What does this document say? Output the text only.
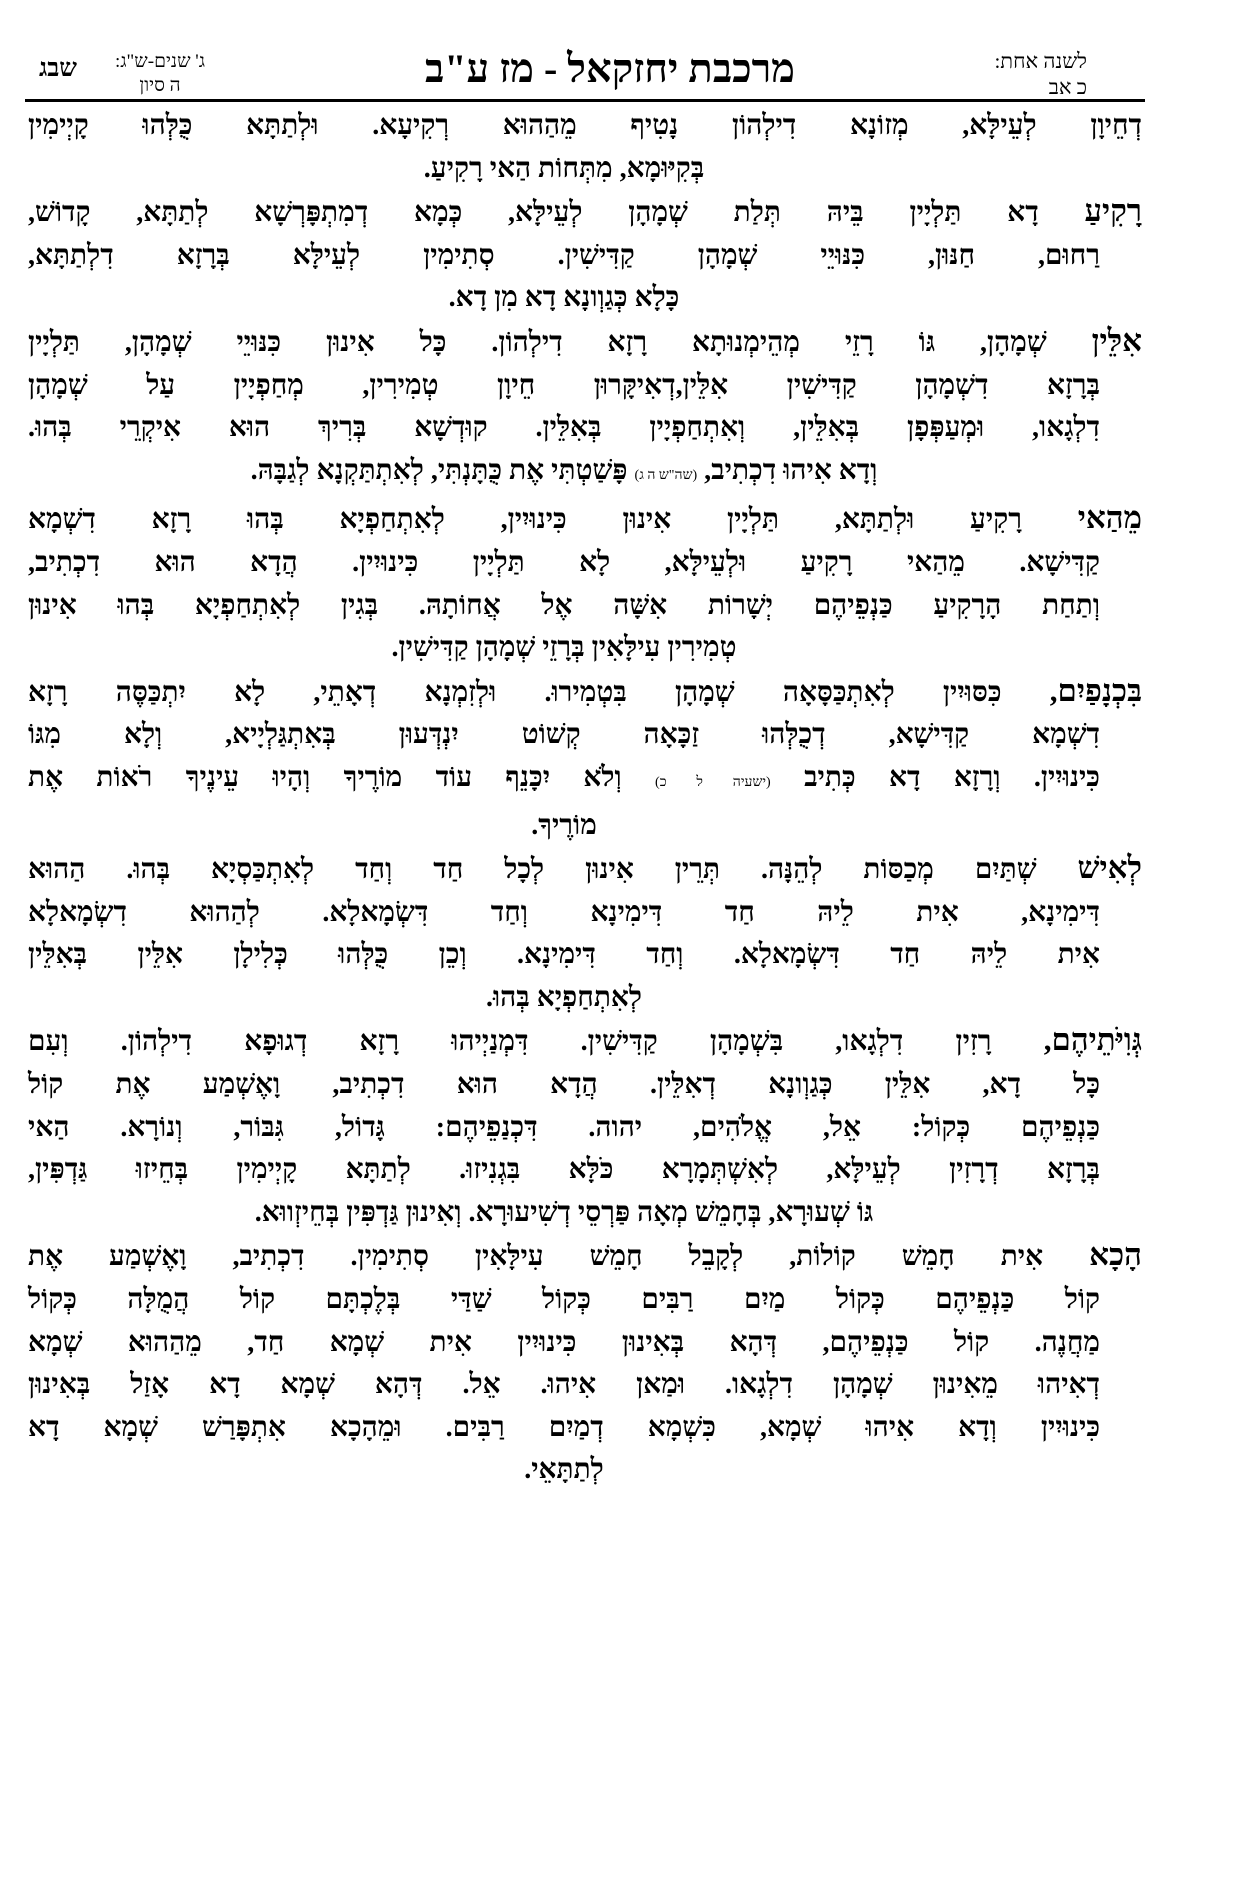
שבג	ג' שנים-ש"ג:
ה סיון	מרכבת יחזקאל - מז ע"ב	לשנה אחת:
כ אב
דְחֵיוָן לְעֵילָּא, מְזוֹנָא דִילְהוֹן נָטִיף מֵהַהוּא רְקִיעָא. וּלְתַתָּא כֻּלְּהוּ קָיְימִין
בְּקִיּוּמָא, מִתְּחוֹת הַאי רָקִיעַ.
רָקִיעַ דָא תַּלְיָין בֵּיהּ תְּלַת שְׁמָהָן לְעֵילָּא, כְּמָא דְמִתְפָּרְשָׁא לְתַתָּא, קָדוֹשׁ,
רַחוּם, חַנּוּן, כִּנּוּיֵי שְׁמָהָן קַדִּישִׁין. סְתִימִין לְעֵילָּא בְּרָזָא דִלְתַתָּא,
כָּלָא כְּגַוְונָא דָא מִן דָא.
אִלֵּין שְׁמָהָן, גּוֹ רָזֵי מְהֵימְנוּתָא רָזָא דִילְהוֹן. כָּל אִינוּן כִּנּוּיֵי שְׁמָהָן, תַּלְיָין
בְּרָזָא דִשְׁמָהָן קַדִּישִׁין אִלֵּין,דְאִיקָּרוּן חֵיוָן טְמִירִין, מְחַפְיָין עַל שְׁמָהָן
דִלְגָאו, וּמְעַפְּפָן בְּאִלֵּין, וְאִתְחַפְיָין בְּאִלֵּין. קוּדְשָׁא בְּרִיךְ הוּא אִיקְרֵי בְּהוּ.
וְדָא אִיהוּ דִכְתִיב, (שה"ש ה ג) פָּשַׁטְתִּי אֶת כֻּתָּנְתִּי, לְאִתְתַּקְנָא לְגַבָּהּ.
מֵהַאי רָקִיעַ וּלְתַתָּא, תַּלְיָין אִינוּן כִּינוּיִין, לְאִתְחַפְיָא בְּהוּ רָזָא דִשְׁמָא
קַדִּישָׁא. מֵהַאי רָקִיעַ וּלְעֵילָּא, לָא תַּלְיָין כִּינוּיִין. הֲדָא הוּא דִכְתִיב,
וְתַחַת הָרָקִיעַ כַּנְפֵיהֶם יְשָׁרוֹת אִשָּׁה אֶל אֲחוֹתָהּ. בְּגִין לְאִתְחַפְיָא בְּהוּ אִינוּן
טְמִירִין עִילָּאִין בְּרָזֵי שְׁמָהָן קַדִּישִׁין.
בִּכְנָפַיִם, כִּסּוּיִין לְאִתְכַּסָּאָה שְׁמָהָן בִּטְמִירוּ. וּלְזִמְנָא דְאָתֵי, לָא יִתְכַּסֶּה רָזָא
דִשְׁמָא קַדִּישָׁא, דְכֻלְּהוּ זַכָּאָה קְשׁוֹט יִנְדְּעוּן בְּאִתְגַּלְיָיא, וְלָא מִגּוֹ
כִּינוּיִין. וְרָזָא דָא כְּתִיב (ישעיה ל כ) וְלֹא יִכָּנֵף עוֹד מוֹרֶיךָ וְהָיוּ עֵינֶיךָ רֹאוֹת אֶת
מוֹרֶיךָ.
לְאִישׁ שְׁתַּיִם מְכַסּוֹת לְהֵנָּה. תְּרֵין אִינוּן לְכָל חַד וְחַד לְאִתְכַּסְיָא בְּהוּ. הַהוּא
דִּימִינָא, אִית לֵיהּ חַד דִּימִינָא וְחַד דִּשְׂמָאלָא. לְהַהוּא דִשְׂמָאלָא
אִית לֵיהּ חַד דִּשְׂמָאלָא. וְחַד דִּימִינָא. וְכֵן כֻּלְּהוּ כְּלִילָן אִלֵּין בְּאִלֵּין
לְאִתְחַפְיָא בְּהוּ.
גְּוִיֹּתֵיהֶם, רָזִין דִלְגָאו, בִּשְׁמָהָן קַדִּישִׁין. דִּמְנַיְיהוּ רָזָא דְגוּפָא דִילְהוֹן. וְעִם
כָּל דָא, אִלֵּין כְּגַוְונָא דְאִלֵּין. הֲדָא הוּא דִכְתִיב, וָאֶשְׁמַע אֶת קוֹל
כַּנְפֵיהֶם כְּקוֹל: אֵל, אֱלֹהִים, יהוה. דִּכְנַפֵיהֶם: גָּדוֹל, גִּבּוֹר, וְנוֹרָא. הַאי
בְּרָזָא דְרָזִין לְעֵילָּא, לְאִשְׁתְּמָרָא כֹּלָּא בִּגְנִיזוּ. לְתַתָּא קָיְימִין בְּחֵיזוּ גַּדְפִּין,
גּוֹ שְׁעוּרָא, בְּחָמֵשׁ מְאָה פַּרְסֵי דְשִׁיעוּרָא. וְאִינוּן גַּדְפִּין בְּחֵיזְווּא.
הָכָא אִית חָמֵשׁ קוֹלוֹת, לְקָבֵל חָמֵשׁ עִילָּאִין סְתִימִין. דִכְתִיב, וָאֶשְׁמַע אֶת
קוֹל כַּנְפֵיהֶם כְּקוֹל מַיִם רַבִּים כְּקוֹל שַׁדַּי בְּלֶכְתָּם קוֹל הֲמֻלָּה כְּקוֹל
מַחֲנֶה. קוֹל כַּנְפֵיהֶם, דְּהָא בְּאִינוּן כִּינוּיִין אִית שְׁמָא חַד, מֵהַהוּא שְׁמָא
דְאִיהוּ מֵאִינוּן שְׁמָהָן דִלְגָאו. וּמַאן אִיהוּ. אֵל. דְּהָא שְׁמָא דָא אָזַל בְּאִינוּן
כִּינוּיִין וְדָא אִיהוּ שְׁמָא, כִּשְׁמָא דְמַיִם רַבִּים. וּמֵהָכָא אִתְפָּרַשׁ שְׁמָא דָא
לְתַתָּאֵי.
